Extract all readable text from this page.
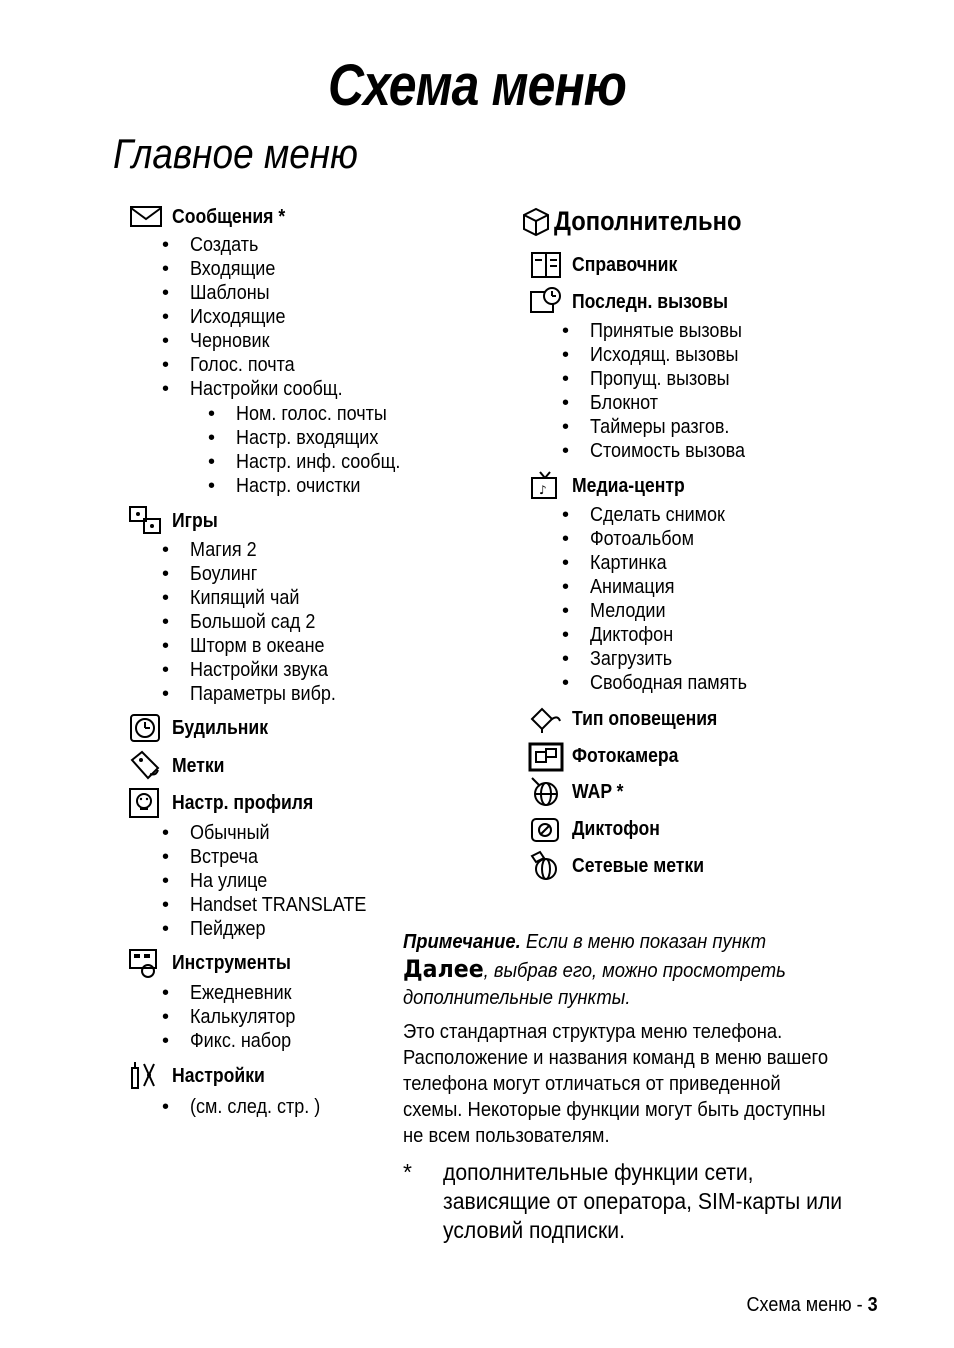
Схема меню
Главное меню
Сообщения *
• Создать
• Входящие
• Шаблоны
• Исходящие
• Черновик
• Голос. почта
• Настройки сообщ.
• Ном. голос. почты
• Настр. входящих
• Настр. инф. сообщ.
• Настр. очистки
Игры
• Магия 2
• Боулинг
• Кипящий чай
• Большой сад 2
• Шторм в океане
• Настройки звука
• Параметры вибр.
Будильник
Метки
Настр. профиля
• Обычный
• Встреча
• На улице
• Handset TRANSLATE
• Пейджер
Инструменты
• Ежедневник
• Калькулятор
• Фикс. набор
Настройки
• (см. след. стр. )
Дополнительно
Справочник
Последн. вызовы
• Принятые вызовы
• Исходящ. вызовы
• Пропущ. вызовы
• Блокнот
• Таймеры разгов.
• Стоимость вызова
♪ Медиа-центр
• Сделать снимок
• Фотоальбом
• Картинка
• Анимация
• Мелодии
• Диктофон
• Загрузить
• Свободная память
Тип оповещения
Фотокамера
WAP *
Диктофон
Сетевые метки
Примечание. Если в меню показан пункт Далее, выбрав его, можно просмотреть дополнительные пункты.
Это стандартная структура меню телефона. Расположение и названия команд в меню вашего телефона могут отличаться от приведенной схемы. Некоторые функции могут быть доступны не всем пользователям.
* дополнительные функции сети, зависящие от оператора, SIM-карты или условий подписки.
Схема меню - 3
